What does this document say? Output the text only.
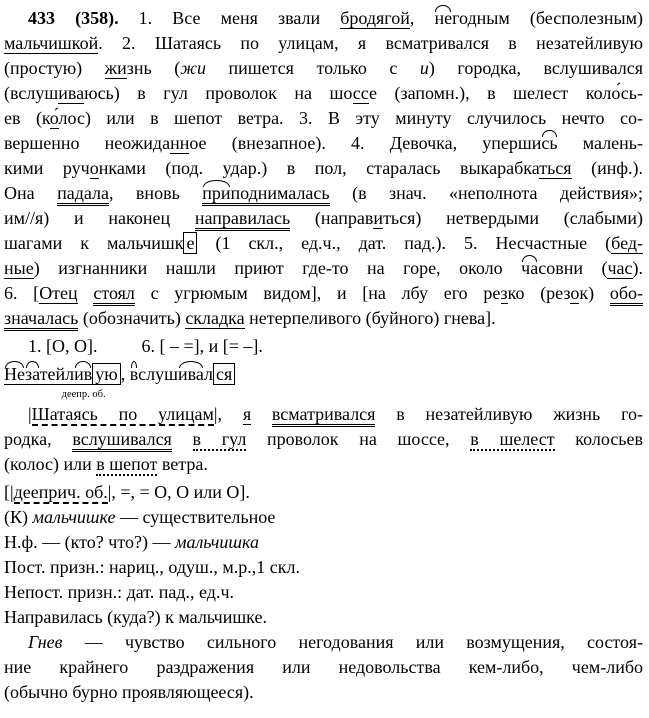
433 (358). 1. Все меня звали бродягой, негодным (бесполезным)
мальчишкой. 2. Шатаясь по улицам, я всматривался в незатейливую
(простую) жизнь (жи пишется только с и) городка, вслушивался
(вслушиваюсь) в гул проволок на шоссе (запомн.), в шелест коло́сь-
ев (ко́лос) или в шепот ветра. 3. В эту минуту случилось нечто со-
вершенно неожиданное (внезапное). 4. Девочка, упершись малень-
кими ручонками (под. удар.) в пол, старалась выкарабкаться (инф.).
Она падала, вновь приподнималась (в знач. «неполнота действия»;
им//я) и наконец направилась (направиться) нетвердыми (слабыми)
шагами к мальчишк е (1 скл., ед.ч., дат. пад.). 5. Несчастные (бед-
ные) изгнанники нашли приют где-то на горе, около часовни (час).
6. [Отец стоял с угрюмым видом], и [на лбу его резко (резок) обо-
значалась (обозначить) складка нетерпеливого (буйного) гнева].
1. [О, О]. 6. [ – =], и [= –].
Незатейлив ую , вслушивал ся
|Шатаясь по улицам
деепр. об.
|, я всматривался в незатейливую жизнь го-
родка, вслушивался в гул проволок на шоссе, в шелест колосьев
(колос) или в шепот ветра.
[|дееприч. об.|, =, = О, О или О].
(К) мальчишке — существительное
Н.ф. — (кто? что?) — мальчишка
Пост. призн.: нариц., одуш., м.р.,1 скл.
Непост. призн.: дат. пад., ед.ч.
Направилась (куда?) к мальчишке.
Гнев — чувство сильного негодования или возмущения, состоя-
ние крайнего раздражения или недовольства кем-либо, чем-либо
(обычно бурно проявляющееся).
